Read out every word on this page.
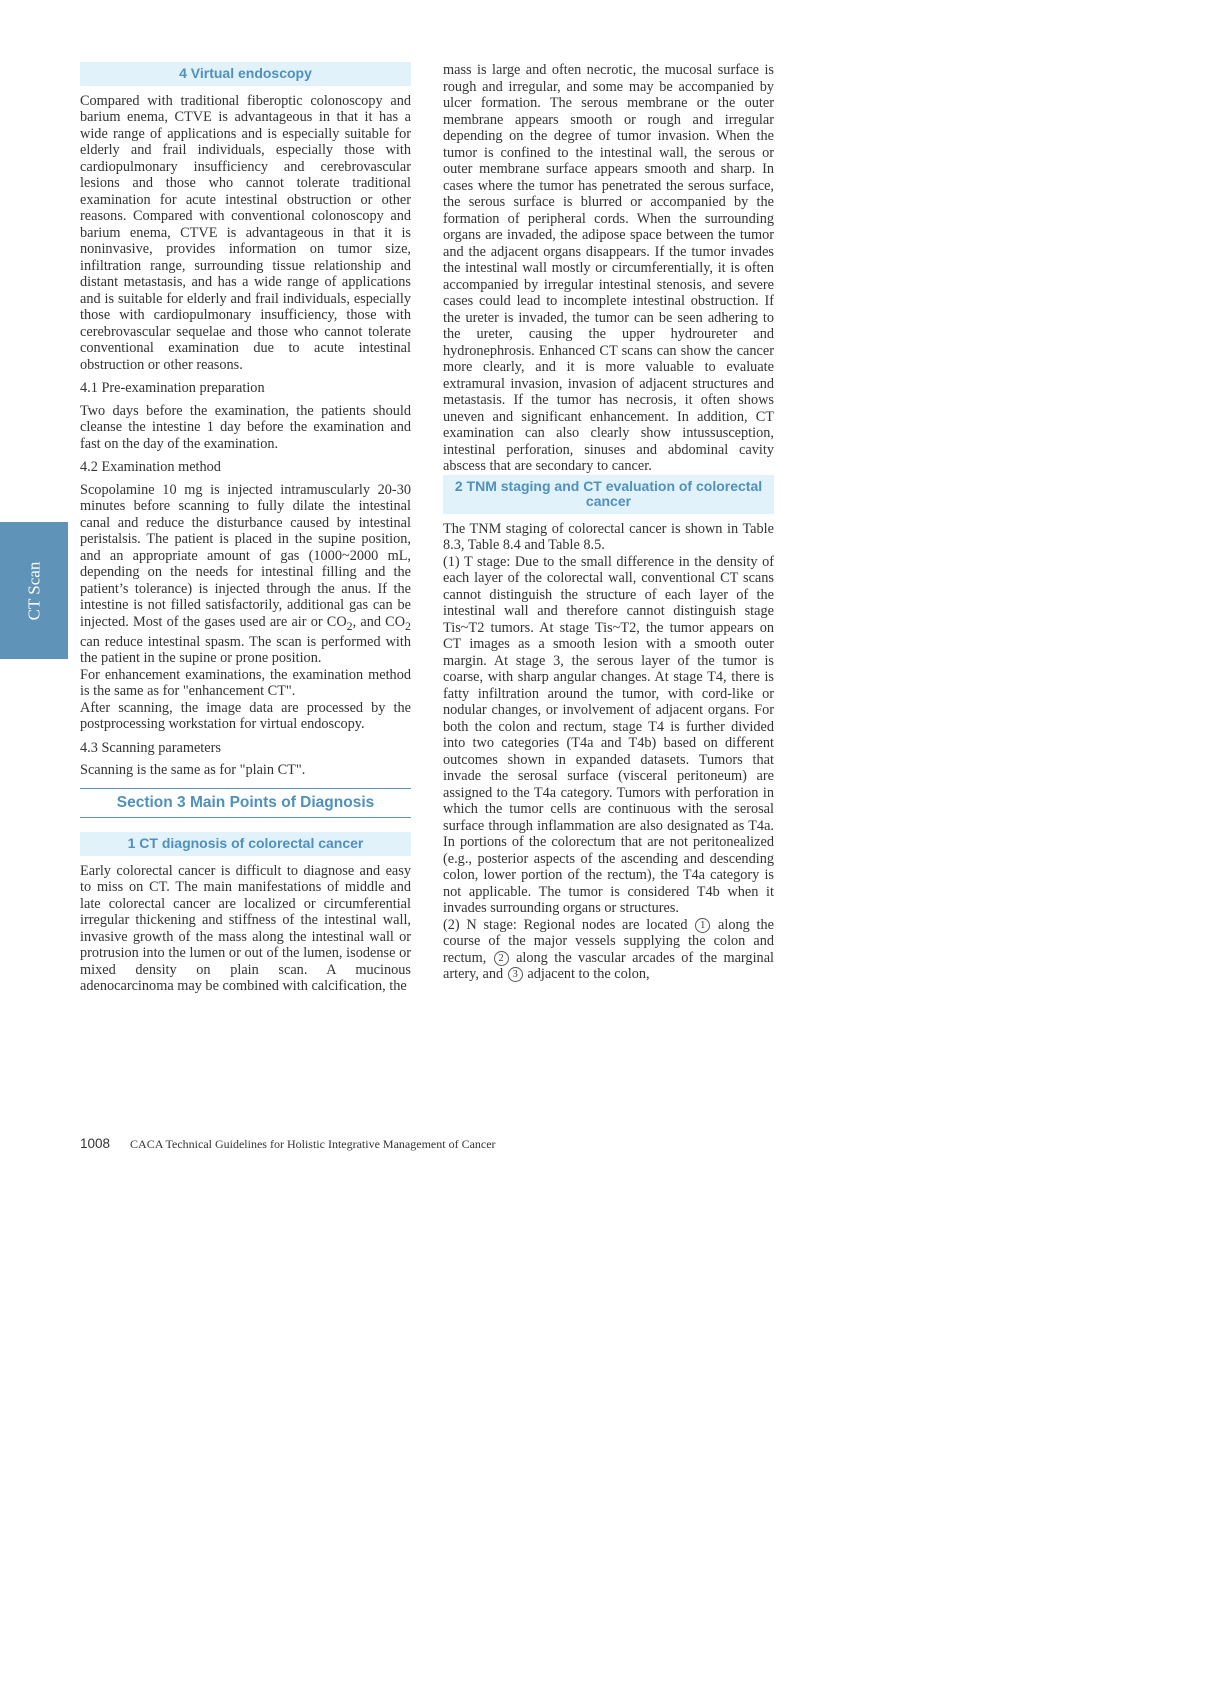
CT Scan
4 Virtual endoscopy

Compared with traditional fiberoptic colonoscopy and barium enema, CTVE is advantageous in that it has a wide range of applications and is especially suitable for elderly and frail individuals, especially those with cardiopulmonary insufficiency and cerebrovascular lesions and those who cannot tolerate traditional examination for acute intestinal obstruction or other reasons. Compared with conventional colonoscopy and barium enema, CTVE is advantageous in that it is noninvasive, provides information on tumor size, infiltration range, surrounding tissue relationship and distant metastasis, and has a wide range of applications and is suitable for elderly and frail individuals, especially those with cardiopulmonary insufficiency, those with cerebrovascular sequelae and those who cannot tolerate conventional examination due to acute intestinal obstruction or other reasons.

4.1 Pre-examination preparation

Two days before the examination, the patients should cleanse the intestine 1 day before the examination and fast on the day of the examination.

4.2 Examination method

Scopolamine 10 mg is injected intramuscularly 20-30 minutes before scanning to fully dilate the intestinal canal and reduce the disturbance caused by intestinal peristalsis. The patient is placed in the supine position, and an appropriate amount of gas (1000~2000 mL, depending on the needs for intestinal filling and the patient’s tolerance) is injected through the anus. If the intestine is not filled satisfactorily, additional gas can be injected. Most of the gases used are air or $CO_2$, and $CO_2$ can reduce intestinal spasm. The scan is performed with the patient in the supine or prone position.

For enhancement examinations, the examination method is the same as for "enhancement CT".

After scanning, the image data are processed by the postprocessing workstation for virtual endoscopy.

4.3 Scanning parameters

Scanning is the same as for "plain CT".

Section 3 Main Points of Diagnosis
1 CT diagnosis of colorectal cancer

Early colorectal cancer is difficult to diagnose and easy to miss on CT. The main manifestations of middle and late colorectal cancer are localized or circumferential irregular thickening and stiffness of the intestinal wall, invasive growth of the mass along the intestinal wall or protrusion into the lumen or out of the lumen, isodense or mixed density on plain scan. A mucinous adenocarcinoma may be combined with calcification, the

mass is large and often necrotic, the mucosal surface is rough and irregular, and some may be accompanied by ulcer formation. The serous membrane or the outer membrane appears smooth or rough and irregular depending on the degree of tumor invasion. When the tumor is confined to the intestinal wall, the serous or outer membrane surface appears smooth and sharp. In cases where the tumor has penetrated the serous surface, the serous surface is blurred or accompanied by the formation of peripheral cords. When the surrounding organs are invaded, the adipose space between the tumor and the adjacent organs disappears. If the tumor invades the intestinal wall mostly or circumferentially, it is often accompanied by irregular intestinal stenosis, and severe cases could lead to incomplete intestinal obstruction. If the ureter is invaded, the tumor can be seen adhering to the ureter, causing the upper hydroureter and hydronephrosis. Enhanced CT scans can show the cancer more clearly, and it is more valuable to evaluate extramural invasion, invasion of adjacent structures and metastasis. If the tumor has necrosis, it often shows uneven and significant enhancement. In addition, CT examination can also clearly show intussusception, intestinal perforation, sinuses and abdominal cavity abscess that are secondary to cancer.

2 TNM staging and CT evaluation of colorectal cancer

The TNM staging of colorectal cancer is shown in Table 8.3, Table 8.4 and Table 8.5.

(1) T stage: Due to the small difference in the density of each layer of the colorectal wall, conventional CT scans cannot distinguish the structure of each layer of the intestinal wall and therefore cannot distinguish stage Tis~T2 tumors. At stage Tis~T2, the tumor appears on CT images as a smooth lesion with a smooth outer margin. At stage 3, the serous layer of the tumor is coarse, with sharp angular changes. At stage T4, there is fatty infiltration around the tumor, with cord-like or nodular changes, or involvement of adjacent organs. For both the colon and rectum, stage T4 is further divided into two categories (T4a and T4b) based on different outcomes shown in expanded datasets. Tumors that invade the serosal surface (visceral peritoneum) are assigned to the T4a category. Tumors with perforation in which the tumor cells are continuous with the serosal surface through inflammation are also designated as T4a. In portions of the colorectum that are not peritonealized (e.g., posterior aspects of the ascending and descending colon, lower portion of the rectum), the T4a category is not applicable. The tumor is considered T4b when it invades surrounding organs or structures.

(2) N stage: Regional nodes are located 1 along the course of the major vessels supplying the colon and rectum, 2 along the vascular arcades of the marginal artery, and 3 adjacent to the colon,

1008 CACA Technical Guidelines for Holistic Integrative Management of Cancer
